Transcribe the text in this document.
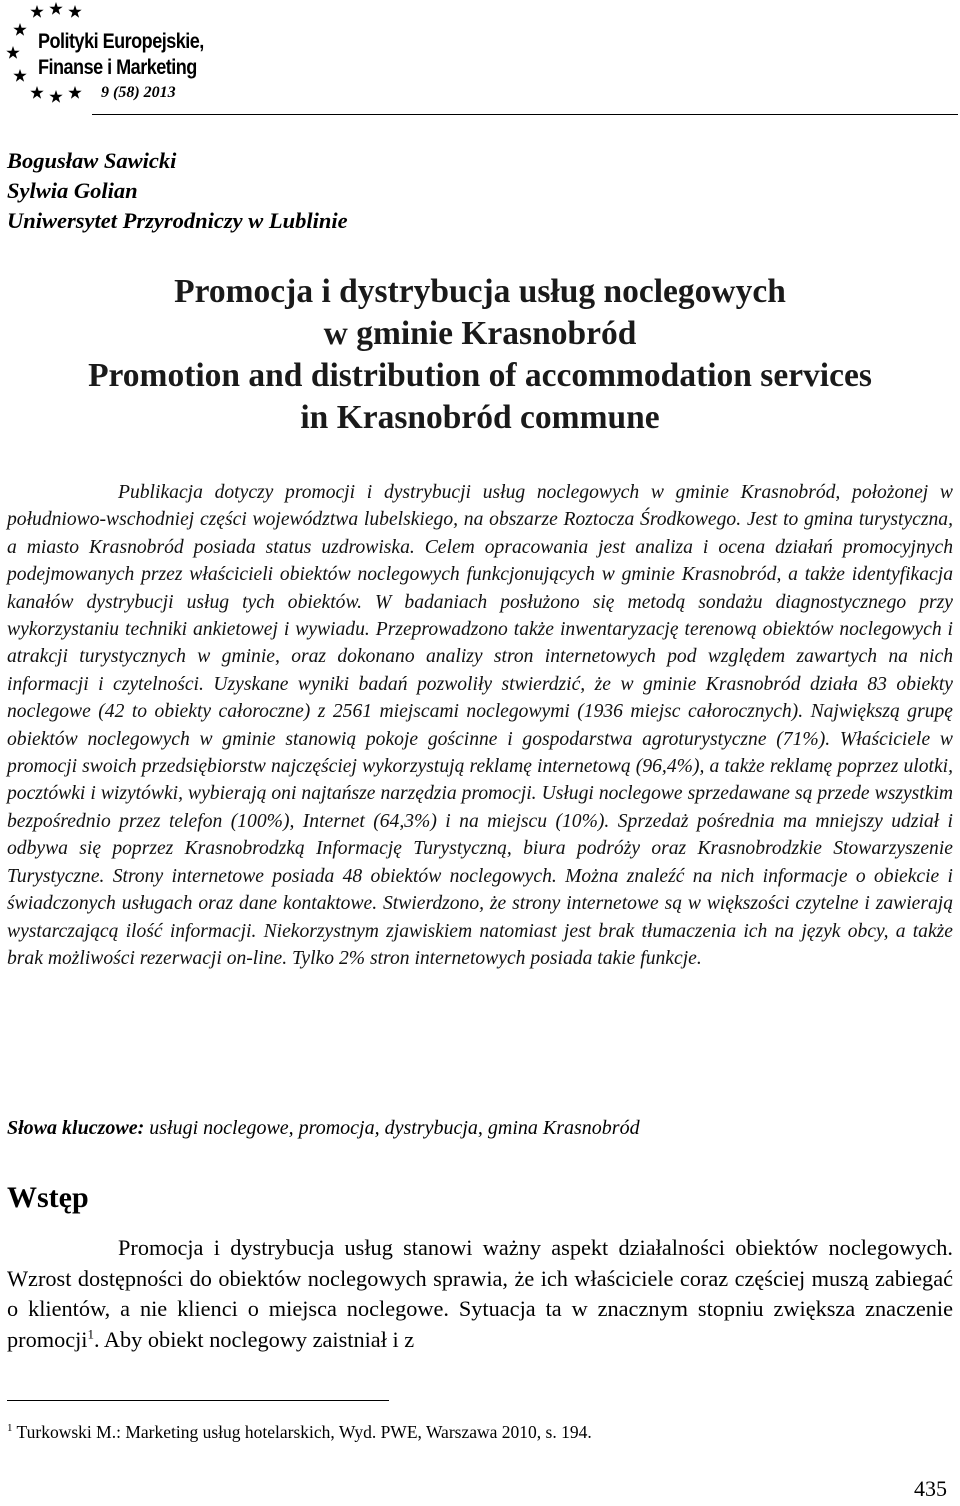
Polityki Europejskie,
Finanse i Marketing
9 (58) 2013
Bogusław Sawicki
Sylwia Golian
Uniwersytet Przyrodniczy w Lublinie
Promocja i dystrybucja usług noclegowych
w gminie Krasnobród
Promotion and distribution of accommodation services
in Krasnobród commune
Publikacja dotyczy promocji i dystrybucji usług noclegowych w gminie Krasnobród, położonej w południowo-wschodniej części województwa lubelskiego, na obszarze Roztocza Środkowego. Jest to gmina turystyczna, a miasto Krasnobród posiada status uzdrowiska. Celem opracowania jest analiza i ocena działań promocyjnych podejmowanych przez właścicieli obiektów noclegowych funkcjonujących w gminie Krasnobród, a także identyfikacja kanałów dystrybucji usług tych obiektów. W badaniach posłużono się metodą sondażu diagnostycznego przy wykorzystaniu techniki ankietowej i wywiadu. Przeprowadzono także inwentaryzację terenową obiektów noclegowych i atrakcji turystycznych w gminie, oraz dokonano analizy stron internetowych pod względem zawartych na nich informacji i czytelności. Uzyskane wyniki badań pozwoliły stwierdzić, że w gminie Krasnobród działa 83 obiekty noclegowe (42 to obiekty całoroczne) z 2561 miejscami noclegowymi (1936 miejsc całorocznych). Największą grupę obiektów noclegowych w gminie stanowią pokoje gościnne i gospodarstwa agroturystyczne (71%). Właściciele w promocji swoich przedsiębiorstw najczęściej wykorzystują reklamę internetową (96,4%), a także reklamę poprzez ulotki, pocztówki i wizytówki, wybierają oni najtańsze narzędzia promocji. Usługi noclegowe sprzedawane są przede wszystkim bezpośrednio przez telefon (100%), Internet (64,3%) i na miejscu (10%). Sprzedaż pośrednia ma mniejszy udział i odbywa się poprzez Krasnobrodzką Informację Turystyczną, biura podróży oraz Krasnobrodzkie Stowarzyszenie Turystyczne. Strony internetowe posiada 48 obiektów noclegowych. Można znaleźć na nich informacje o obiekcie i świadczonych usługach oraz dane kontaktowe. Stwierdzono, że strony internetowe są w większości czytelne i zawierają wystarczającą ilość informacji. Niekorzystnym zjawiskiem natomiast jest brak tłumaczenia ich na język obcy, a także brak możliwości rezerwacji on-line. Tylko 2% stron internetowych posiada takie funkcje.
Słowa kluczowe: usługi noclegowe, promocja, dystrybucja, gmina Krasnobród
Wstęp
Promocja i dystrybucja usług stanowi ważny aspekt działalności obiektów noclegowych. Wzrost dostępności do obiektów noclegowych sprawia, że ich właściciele coraz częściej muszą zabiegać o klientów, a nie klienci o miejsca noclegowe. Sytuacja ta w znacznym stopniu zwiększa znaczenie promocji$^1$. Aby obiekt noclegowy zaistniał i z
$^1$ Turkowski M.: Marketing usług hotelarskich, Wyd. PWE, Warszawa 2010, s. 194.
435
